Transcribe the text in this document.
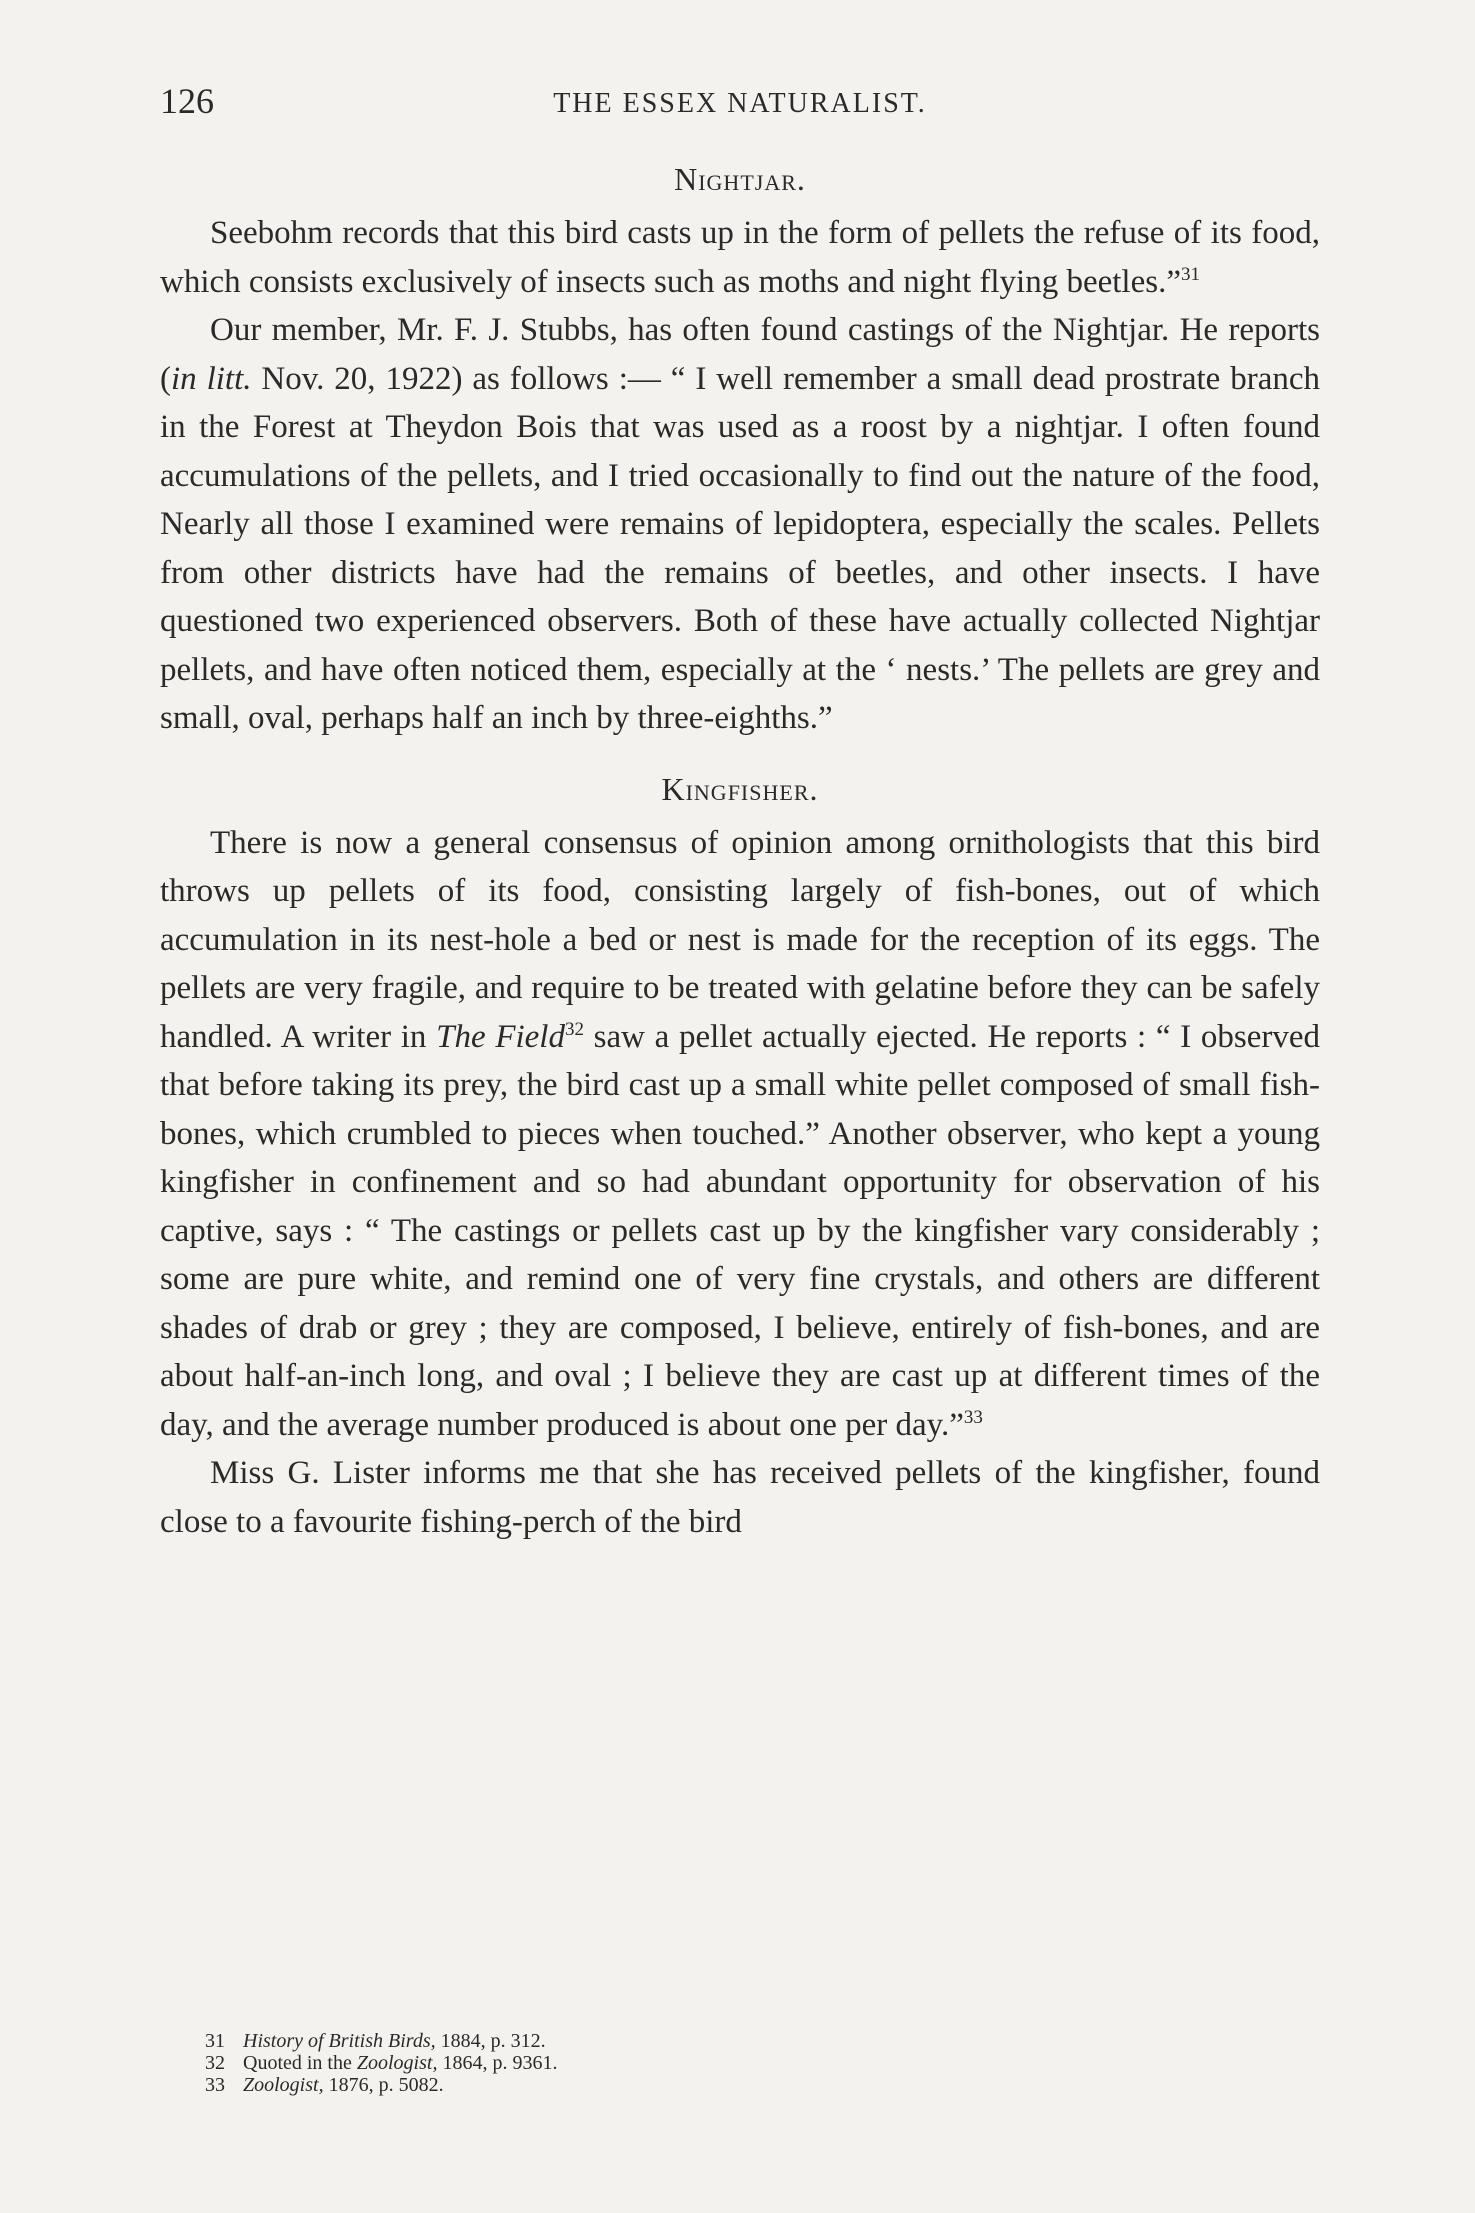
126	THE ESSEX NATURALIST.
Nightjar.

Seebohm records that this bird casts up in the form of pellets the refuse of its food, which consists exclusively of insects such as moths and night flying beetles.”$^{31}$

Our member, Mr. F. J. Stubbs, has often found castings of the Nightjar. He reports (in litt. Nov. 20, 1922) as follows :— “ I well remember a small dead prostrate branch in the Forest at Theydon Bois that was used as a roost by a nightjar. I often found accumulations of the pellets, and I tried occasionally to find out the nature of the food, Nearly all those I examined were remains of lepidoptera, especially the scales. Pellets from other districts have had the remains of beetles, and other insects. I have questioned two experienced observers. Both of these have actually collected Nightjar pellets, and have often noticed them, especially at the ‘ nests.’ The pellets are grey and small, oval, perhaps half an inch by three-eighths.”

Kingfisher.

There is now a general consensus of opinion among ornithologists that this bird throws up pellets of its food, consisting largely of fish-bones, out of which accumulation in its nest-hole a bed or nest is made for the reception of its eggs. The pellets are very fragile, and require to be treated with gelatine before they can be safely handled. A writer in The Field$^{32}$ saw a pellet actually ejected. He reports : “ I observed that before taking its prey, the bird cast up a small white pellet composed of small fish-bones, which crumbled to pieces when touched.” Another observer, who kept a young kingfisher in confinement and so had abundant opportunity for observation of his captive, says : “ The castings or pellets cast up by the kingfisher vary considerably ; some are pure white, and remind one of very fine crystals, and others are different shades of drab or grey ; they are composed, I believe, entirely of fish-bones, and are about half-an-inch long, and oval ; I believe they are cast up at different times of the day, and the average number produced is about one per day.”$^{33}$

Miss G. Lister informs me that she has received pellets of the kingfisher, found close to a favourite fishing-perch of the bird

31 History of British Birds, 1884, p. 312.
32 Quoted in the Zoologist, 1864, p. 9361.
33 Zoologist, 1876, p. 5082.
